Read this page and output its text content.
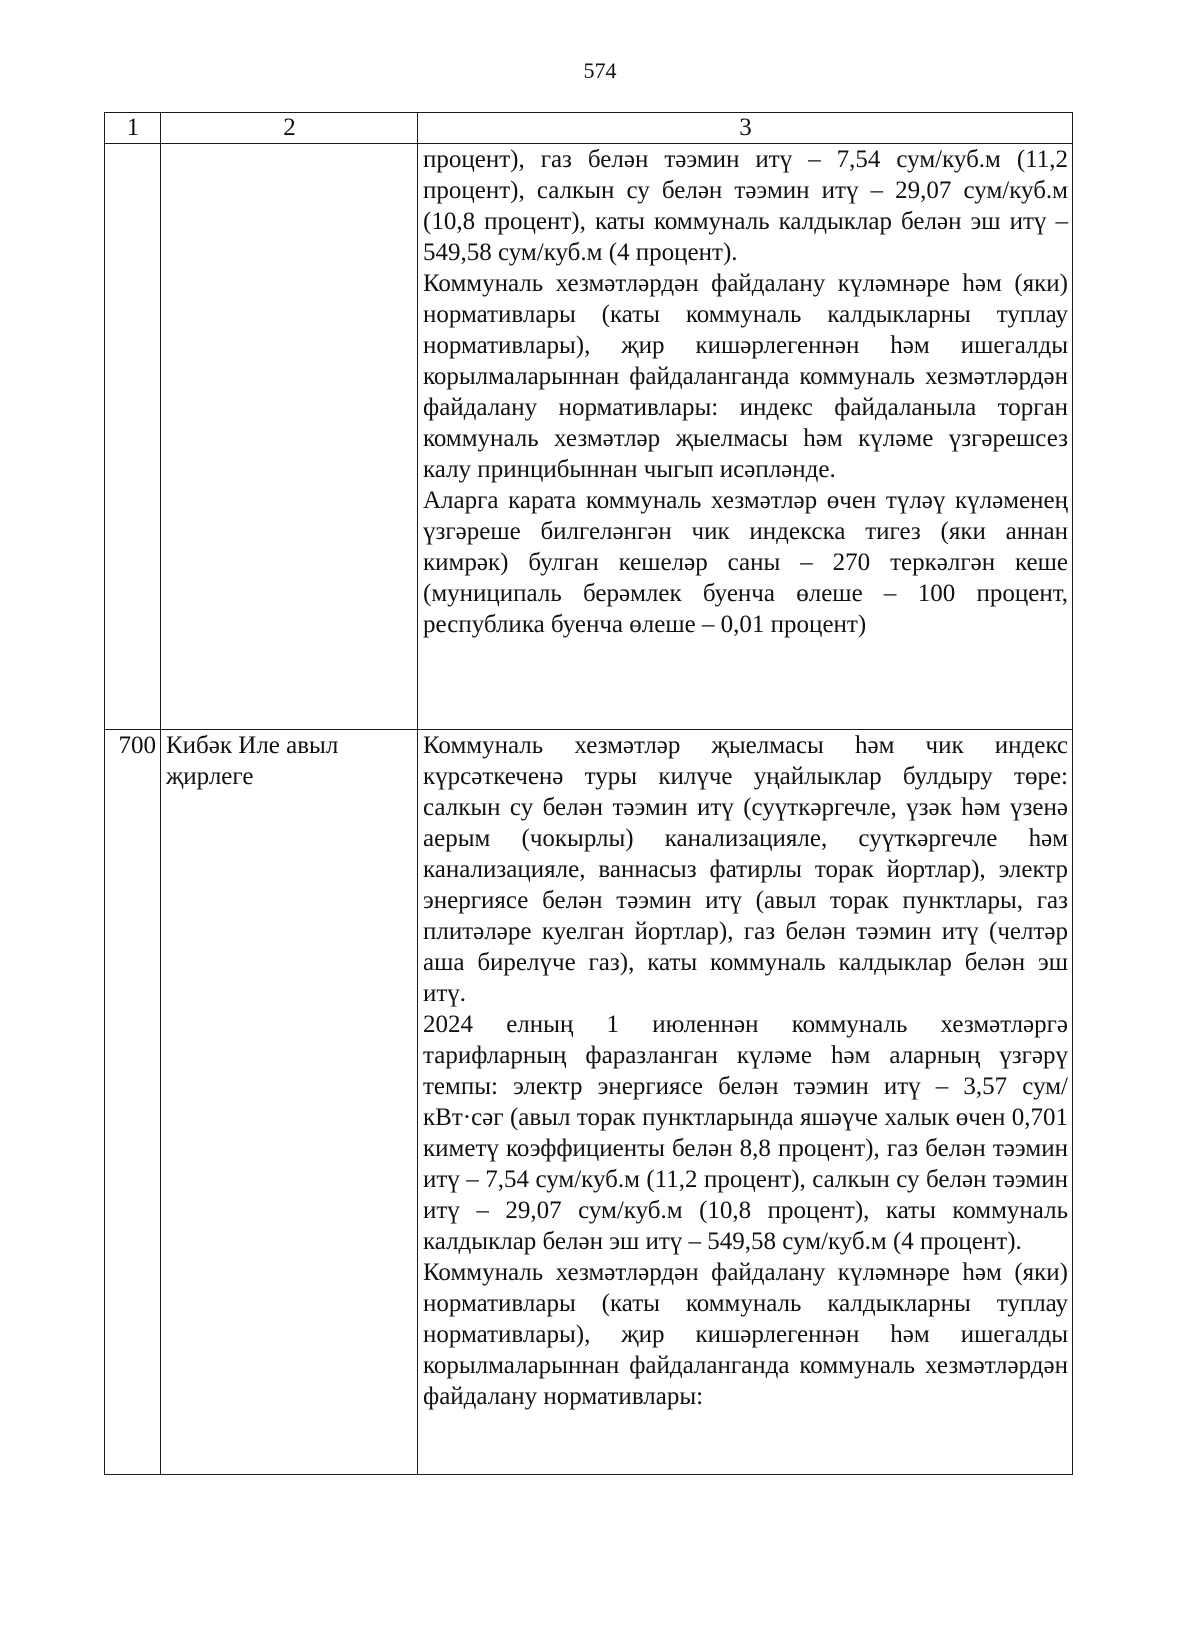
574
1	2	3

		процент), газ белән тәэмин итү – 7,54 сум/куб.м (11,2 процент), салкын су белән тәэмин итү – 29,07 сум/куб.м (10,8 процент), каты коммуналь калдыклар белән эш итү – 549,58 сум/куб.м (4 процент).

Коммуналь хезмәтләрдән файдалану күләмнәре һәм (яки) нормативлары (каты коммуналь калдыкларны туплау нормативлары), җир кишәрлегеннән һәм ишегалды корылмаларыннан файдаланганда коммуналь хезмәтләрдән файдалану нормативлары: индекс файдаланыла торган коммуналь хезмәтләр җыелмасы һәм күләме үзгәрешсез калу принцибыннан чыгып исәпләнде.

Аларга карата коммуналь хезмәтләр өчен түләү күләменең үзгәреше билгеләнгән чик индекска тигез (яки аннан кимрәк) булган кешеләр саны – 270 теркәлгән кеше (муниципаль берәмлек буенча өлеше – 100 процент, республика буенча өлеше – 0,01 процент)

700	Кибәк Иле авыл җирлеге	Коммуналь хезмәтләр җыелмасы һәм чик индекс күрсәткеченә туры килүче уңайлыклар булдыру төре: салкын су белән тәэмин итү (суүткәргечле, үзәк һәм үзенә аерым (чокырлы) канализацияле, суүткәргечле һәм канализацияле, ваннасыз фатирлы торак йортлар), электр энергиясе белән тәэмин итү (авыл торак пунктлары, газ плитәләре куелган йортлар), газ белән тәэмин итү (челтәр аша бирелүче газ), каты коммуналь калдыклар белән эш итү.

2024 елның 1 июленнән коммуналь хезмәтләргә тарифларның фаразланган күләме һәм аларның үзгәрү темпы: электр энергиясе белән тәэмин итү – 3,57 сум/кВт·сәг (авыл торак пунктларында яшәүче халык өчен 0,701 киметү коэффициенты белән 8,8 процент), газ белән тәэмин итү – 7,54 сум/куб.м (11,2 процент), салкын су белән тәэмин итү – 29,07 сум/куб.м (10,8 процент), каты коммуналь калдыклар белән эш итү – 549,58 сум/куб.м (4 процент).

Коммуналь хезмәтләрдән файдалану күләмнәре һәм (яки) нормативлары (каты коммуналь калдыкларны туплау нормативлары), җир кишәрлегеннән һәм ишегалды корылмаларыннан файдаланганда коммуналь хезмәтләрдән файдалану нормативлары:
